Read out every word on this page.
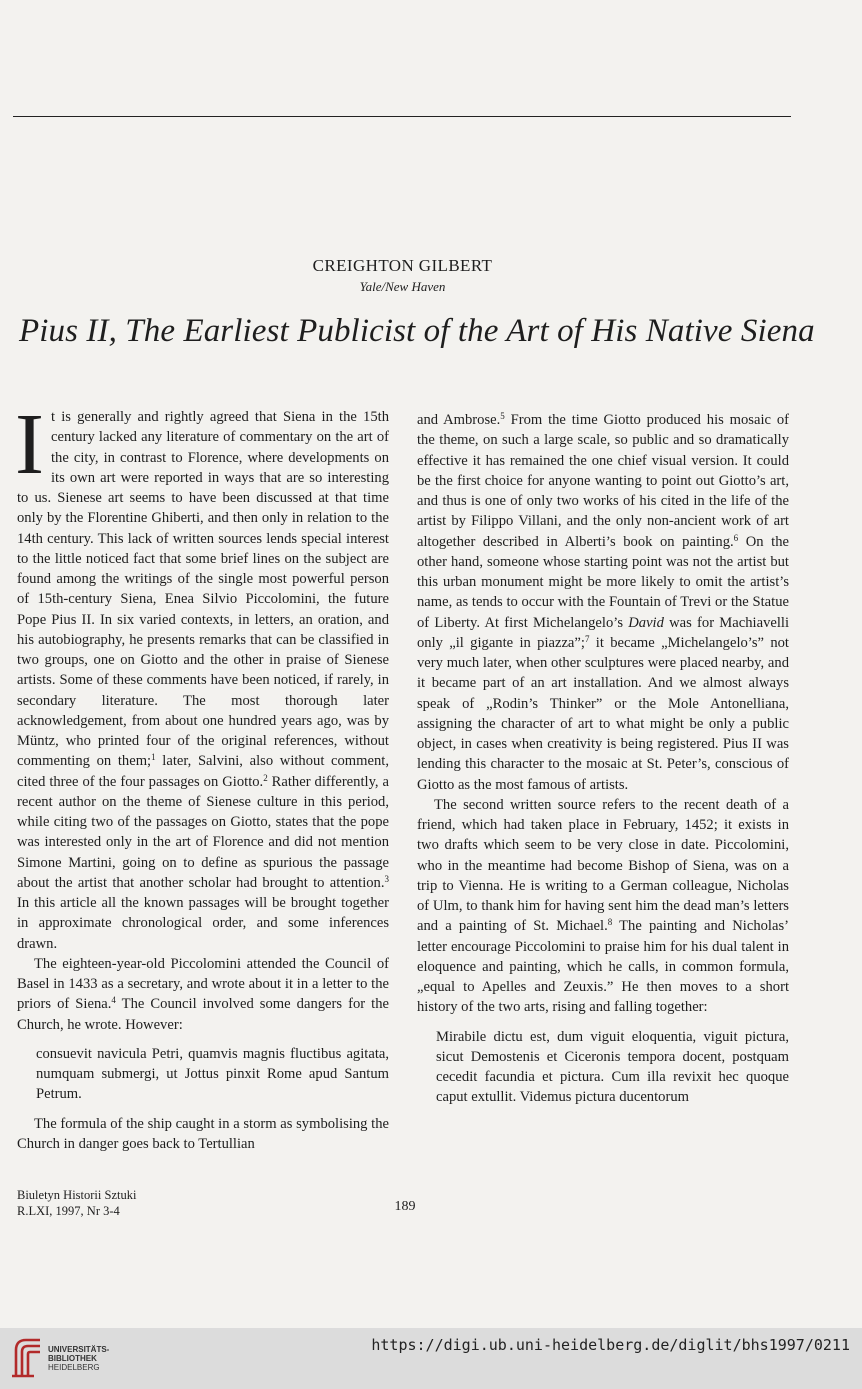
CREIGHTON GILBERT
Yale/New Haven
Pius II, The Earliest Publicist of the Art of His Native Siena

It is generally and rightly agreed that Siena in the 15th century lacked any literature of commentary on the art of the city, in contrast to Florence, where developments on its own art were reported in ways that are so interesting to us. Sienese art seems to have been discussed at that time only by the Florentine Ghiberti, and then only in relation to the 14th century. This lack of written sources lends special interest to the little noticed fact that some brief lines on the subject are found among the writings of the single most powerful person of 15th-century Siena, Enea Silvio Piccolomini, the future Pope Pius II. In six varied contexts, in letters, an oration, and his autobiography, he presents remarks that can be classified in two groups, one on Giotto and the other in praise of Sienese artists. Some of these comments have been noticed, if rarely, in secondary literature. The most thorough later acknowledgement, from about one hundred years ago, was by Müntz, who printed four of the original references, without commenting on them;$^1$ later, Salvini, also without comment, cited three of the four passages on Giotto.$^2$ Rather differently, a recent author on the theme of Sienese culture in this period, while citing two of the passages on Giotto, states that the pope was interested only in the art of Florence and did not mention Simone Martini, going on to define as spurious the passage about the artist that another scholar had brought to attention.$^3$ In this article all the known passages will be brought together in approximate chronological order, and some inferences drawn.

The eighteen-year-old Piccolomini attended the Council of Basel in 1433 as a secretary, and wrote about it in a letter to the priors of Siena.$^4$ The Council involved some dangers for the Church, he wrote. However:

consuevit navicula Petri, quamvis magnis fluctibus agitata, numquam submergi, ut Jottus pinxit Rome apud Santum Petrum.

The formula of the ship caught in a storm as symbolising the Church in danger goes back to Tertullian

and Ambrose.$^5$ From the time Giotto produced his mosaic of the theme, on such a large scale, so public and so dramatically effective it has remained the one chief visual version. It could be the first choice for anyone wanting to point out Giotto’s art, and thus is one of only two works of his cited in the life of the artist by Filippo Villani, and the only non-ancient work of art altogether described in Alberti’s book on painting.$^6$ On the other hand, someone whose starting point was not the artist but this urban monument might be more likely to omit the artist’s name, as tends to occur with the Fountain of Trevi or the Statue of Liberty. At first Michelangelo’s David was for Machiavelli only „il gigante in piazza”;$^7$ it became „Michelangelo’s” not very much later, when other sculptures were placed nearby, and it became part of an art installation. And we almost always speak of „Rodin’s Thinker” or the Mole Antonelliana, assigning the character of art to what might be only a public object, in cases when creativity is being registered. Pius II was lending this character to the mosaic at St. Peter’s, conscious of Giotto as the most famous of artists.

The second written source refers to the recent death of a friend, which had taken place in February, 1452; it exists in two drafts which seem to be very close in date. Piccolomini, who in the meantime had become Bishop of Siena, was on a trip to Vienna. He is writing to a German colleague, Nicholas of Ulm, to thank him for having sent him the dead man’s letters and a painting of St. Michael.$^8$ The painting and Nicholas’ letter encourage Piccolomini to praise him for his dual talent in eloquence and painting, which he calls, in common formula, „equal to Apelles and Zeuxis.” He then moves to a short history of the two arts, rising and falling together:

Mirabile dictu est, dum viguit eloquentia, viguit pictura, sicut Demostenis et Ciceronis tempora docent, postquam cecedit facundia et pictura. Cum illa revixit hec quoque caput extullit. Videmus pictura ducentorum

Biuletyn Historii Sztuki
R.LXI, 1997, Nr 3-4	189
UNIVERSITÄTS-
BIBLIOTHEK
HEIDELBERG
https://digi.ub.uni-heidelberg.de/diglit/bhs1997/0211
